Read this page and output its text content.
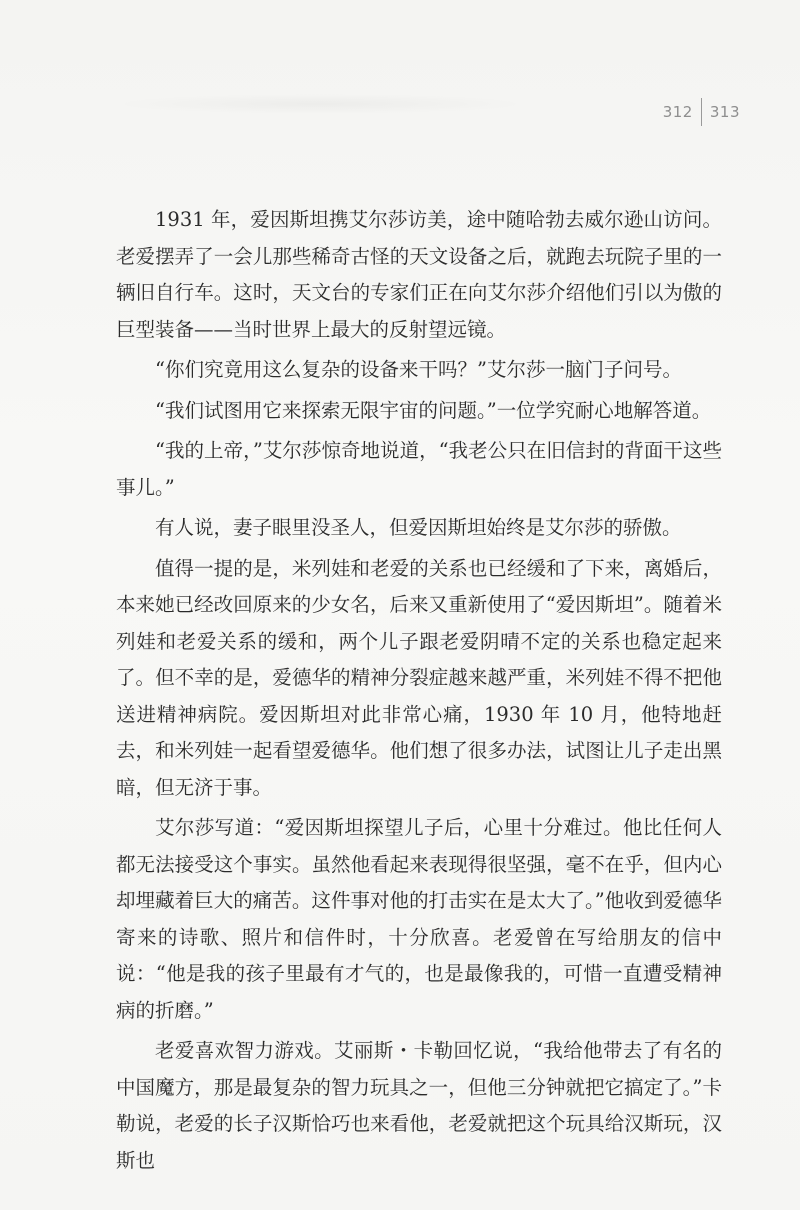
312 313

1931 年，爱因斯坦携艾尔莎访美，途中随哈勃去威尔逊山访问。老爱摆弄了一会儿那些稀奇古怪的天文设备之后，就跑去玩院子里的一辆旧自行车。这时，天文台的专家们正在向艾尔莎介绍他们引以为傲的巨型装备——当时世界上最大的反射望远镜。

“你们究竟用这么复杂的设备来干吗？”艾尔莎一脑门子问号。

“我们试图用它来探索无限宇宙的问题。”一位学究耐心地解答道。

“我的上帝，”艾尔莎惊奇地说道，“我老公只在旧信封的背面干这些事儿。”

有人说，妻子眼里没圣人，但爱因斯坦始终是艾尔莎的骄傲。

值得一提的是，米列娃和老爱的关系也已经缓和了下来，离婚后，本来她已经改回原来的少女名，后来又重新使用了“爱因斯坦”。随着米列娃和老爱关系的缓和，两个儿子跟老爱阴晴不定的关系也稳定起来了。但不幸的是，爱德华的精神分裂症越来越严重，米列娃不得不把他送进精神病院。爱因斯坦对此非常心痛，1930 年 10 月，他特地赶去，和米列娃一起看望爱德华。他们想了很多办法，试图让儿子走出黑暗，但无济于事。

艾尔莎写道：“爱因斯坦探望儿子后，心里十分难过。他比任何人都无法接受这个事实。虽然他看起来表现得很坚强，毫不在乎，但内心却埋藏着巨大的痛苦。这件事对他的打击实在是太大了。”他收到爱德华寄来的诗歌、照片和信件时，十分欣喜。老爱曾在写给朋友的信中说：“他是我的孩子里最有才气的，也是最像我的，可惜一直遭受精神病的折磨。”

老爱喜欢智力游戏。艾丽斯・卡勒回忆说，“我给他带去了有名的中国魔方，那是最复杂的智力玩具之一，但他三分钟就把它搞定了。”卡勒说，老爱的长子汉斯恰巧也来看他，老爱就把这个玩具给汉斯玩，汉斯也
